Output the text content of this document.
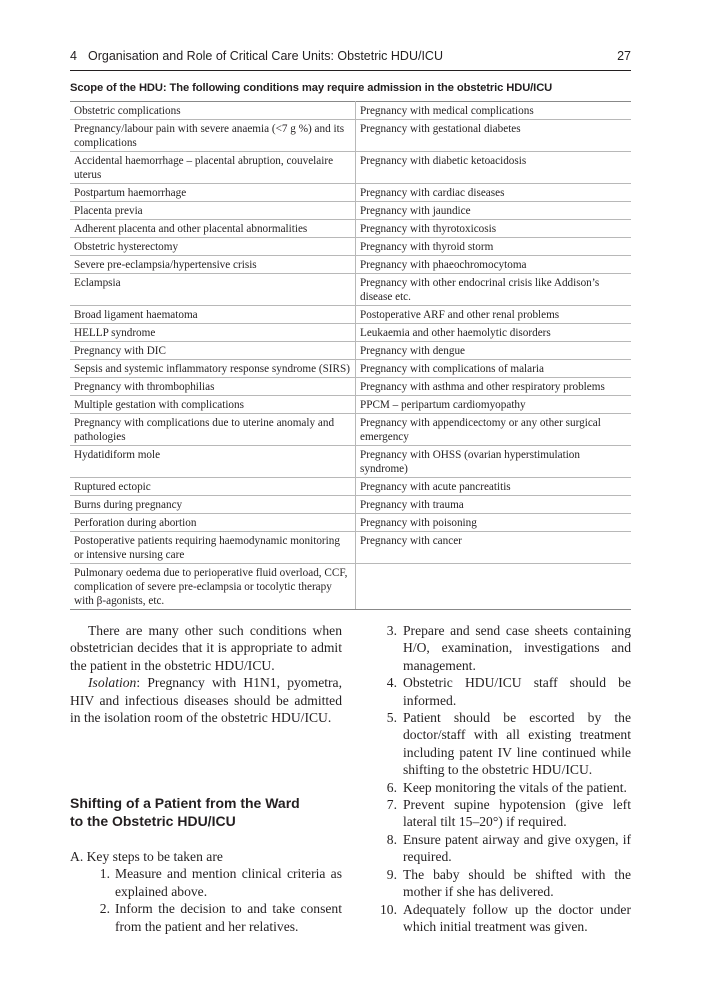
4 Organisation and Role of Critical Care Units: Obstetric HDU/ICU	27
Scope of the HDU: The following conditions may require admission in the obstetric HDU/ICU
Obstetric complications	Pregnancy with medical complications
Pregnancy/labour pain with severe anaemia (<7 g %) and its complications	Pregnancy with gestational diabetes
Accidental haemorrhage – placental abruption, couvelaire uterus	Pregnancy with diabetic ketoacidosis
Postpartum haemorrhage	Pregnancy with cardiac diseases
Placenta previa	Pregnancy with jaundice
Adherent placenta and other placental abnormalities	Pregnancy with thyrotoxicosis
Obstetric hysterectomy	Pregnancy with thyroid storm
Severe pre-eclampsia/hypertensive crisis	Pregnancy with phaeochromocytoma
Eclampsia	Pregnancy with other endocrinal crisis like Addison’s disease etc.
Broad ligament haematoma	Postoperative ARF and other renal problems
HELLP syndrome	Leukaemia and other haemolytic disorders
Pregnancy with DIC	Pregnancy with dengue
Sepsis and systemic inflammatory response syndrome (SIRS)	Pregnancy with complications of malaria
Pregnancy with thrombophilias	Pregnancy with asthma and other respiratory problems
Multiple gestation with complications	PPCM – peripartum cardiomyopathy
Pregnancy with complications due to uterine anomaly and pathologies	Pregnancy with appendicectomy or any other surgical emergency
Hydatidiform mole	Pregnancy with OHSS (ovarian hyperstimulation syndrome)
Ruptured ectopic	Pregnancy with acute pancreatitis
Burns during pregnancy	Pregnancy with trauma
Perforation during abortion	Pregnancy with poisoning
Postoperative patients requiring haemodynamic monitoring or intensive nursing care	Pregnancy with cancer
Pulmonary oedema due to perioperative fluid overload, CCF, complication of severe pre-eclampsia or tocolytic therapy with β-agonists, etc.	

There are many other such conditions when obstetrician decides that it is appropriate to admit the patient in the obstetric HDU/ICU.

Isolation: Pregnancy with H1N1, pyometra, HIV and infectious diseases should be admitted in the isolation room of the obstetric HDU/ICU.

Shifting of a Patient from the Ward
to the Obstetric HDU/ICU

A. Key steps to be taken are

1. Measure and mention clinical criteria as explained above.
2. Inform the decision to and take consent from the patient and her relatives.
3. Prepare and send case sheets containing H/O, examination, investigations and management.
4. Obstetric HDU/ICU staff should be informed.
5. Patient should be escorted by the doctor/staff with all existing treatment including patent IV line continued while shifting to the obstetric HDU/ICU.
6. Keep monitoring the vitals of the patient.
7. Prevent supine hypotension (give left lateral tilt 15–20°) if required.
8. Ensure patent airway and give oxygen, if required.
9. The baby should be shifted with the mother if she has delivered.
10. Adequately follow up the doctor under which initial treatment was given.
